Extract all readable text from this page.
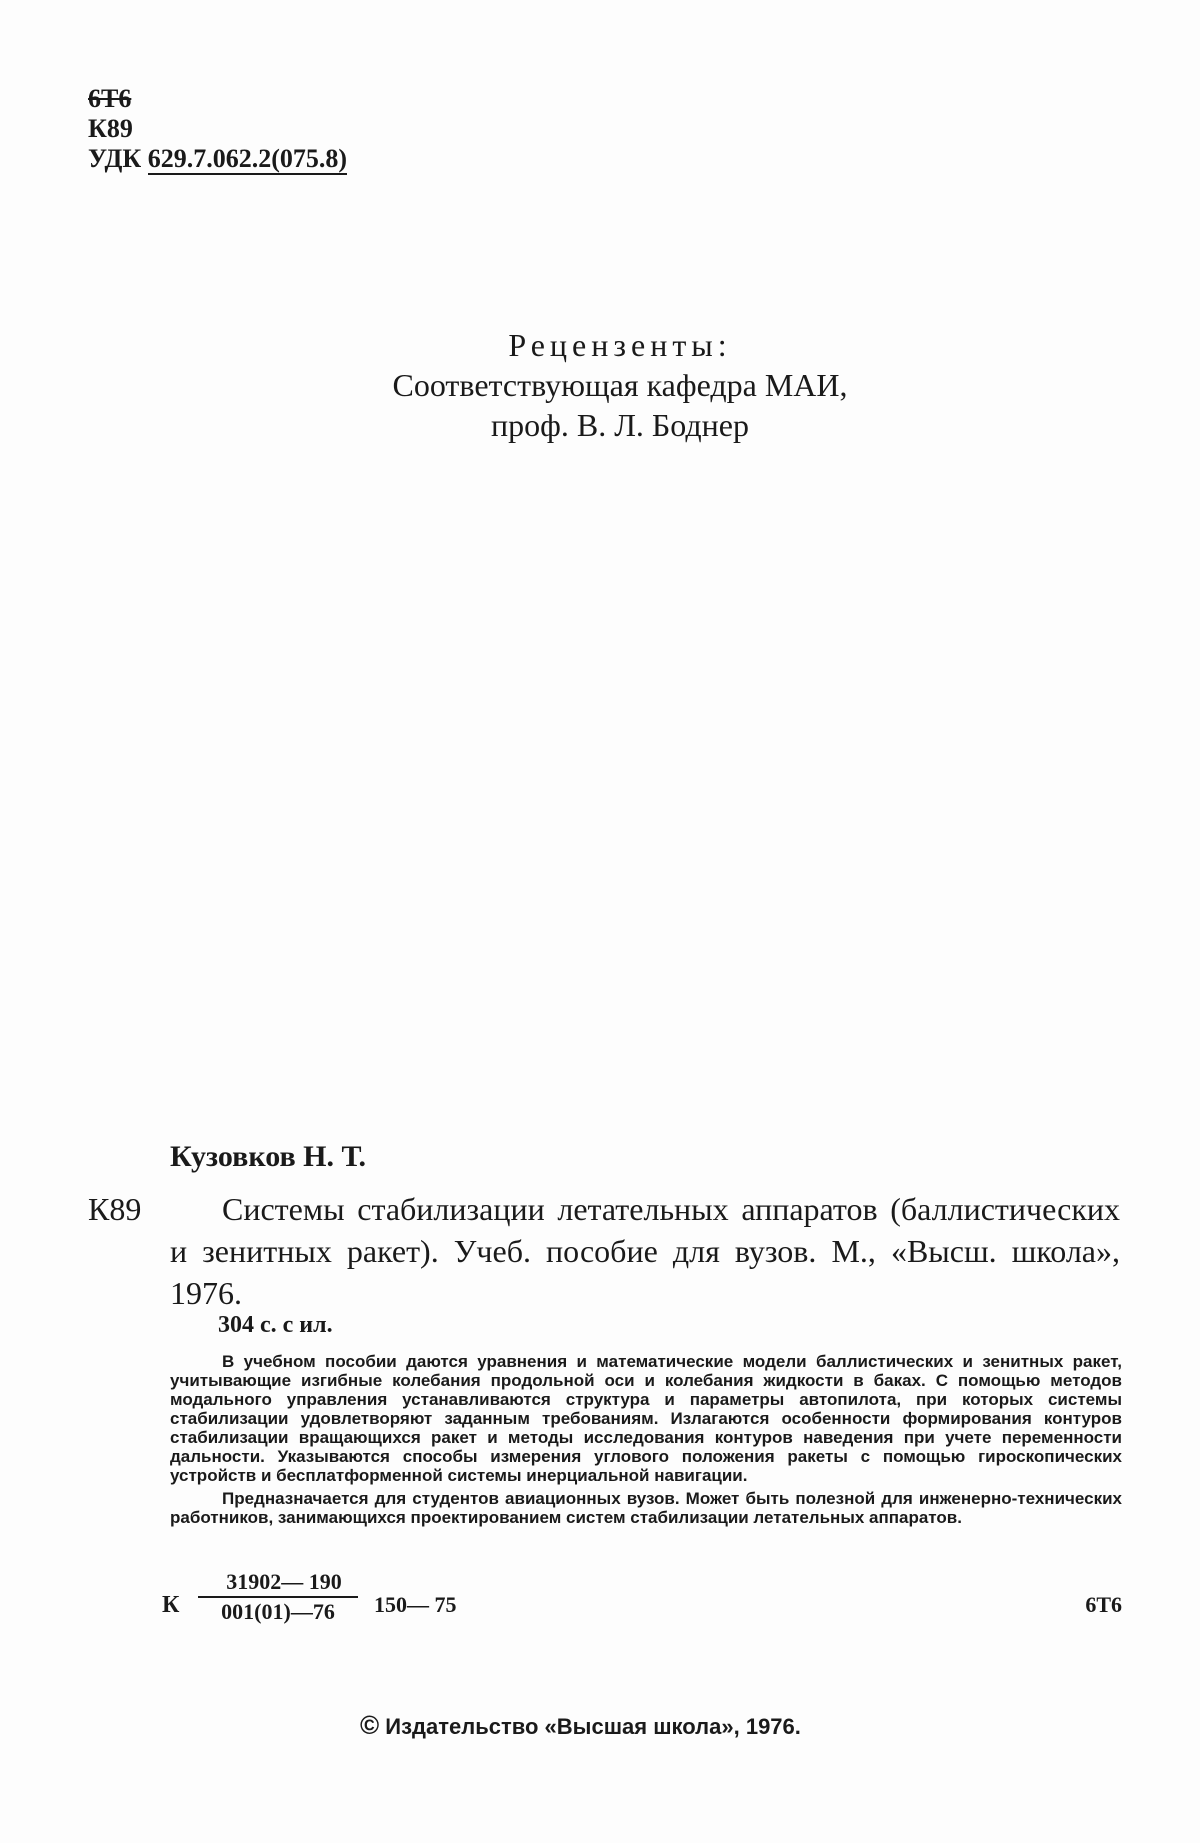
6Т6
К89
УДК 629.7.062.2(075.8)
Рецензенты:
Соответствующая кафедра МАИ,
проф. В. Л. Боднер
Кузовков Н. Т.
К89	Системы стабилизации летательных аппаратов (баллистических и зенитных ракет). Учеб. пособие для вузов. М., «Высш. школа», 1976.
304 с. с ил.

В учебном пособии даются уравнения и математические модели баллистических и зенитных ракет, учитывающие изгибные колебания продольной оси и колебания жидкости в баках. С помощью методов модального управления устанавливаются структура и параметры автопилота, при которых системы стабилизации удовлетворяют заданным требованиям. Излагаются особенности формирования контуров стабилизации вращающихся ракет и методы исследования контуров наведения при учете переменности дальности. Указываются способы измерения углового положения ракеты с помощью гироскопических устройств и бесплатформенной системы инерциальной навигации.

Предназначается для студентов авиационных вузов. Может быть полезной для инженерно-технических работников, занимающихся проектированием систем стабилизации летательных аппаратов.

К $\frac{31902— 190}{001(01)—76}$ 150— 75	6Т6
© Издательство «Высшая школа», 1976.
